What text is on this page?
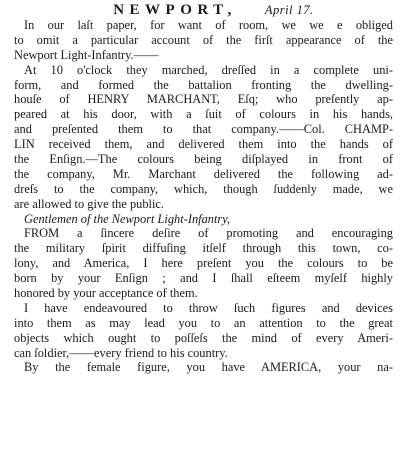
NEWPORT, April 17.
In our laſt paper, for want of room, we we e obliged
to omit a particular account of the firſt appearance of the
Newport Light-Infantry.——
At 10 o'clock they marched, dreſſed in a complete uni-
form, and formed the battalion fronting the dwelling-
houſe of HENRY MARCHANT, Eſq; who preſently ap-
peared at his door, with a ſuit of colours in his hands,
and preſented them to that company.——Col. CHAMP-
LIN received them, and delivered them into the hands of
the Enſign.—The colours being diſplayed in front of
the company, Mr. Marchant delivered the following ad-
dreſs to the company, which, though ſuddenly made, we
are allowed to give the public.
Gentlemen of the Newport Light-Infantry,
FROM a ſincere deſire of promoting and encouraging
the military ſpirit diffuſing itſelf through this town, co-
lony, and America, I here preſent you the colours to be
born by your Enſign ; and I ſhall eſteem myſelf highly
honored by your acceptance of them.
I have endeavoured to throw ſuch figures and devices
into them as may lead you to an attention to the great
objects which ought to poſſeſs the mind of every Ameri-
can ſoldier,——every friend to his country.
By the female figure, you have AMERICA, your na-
